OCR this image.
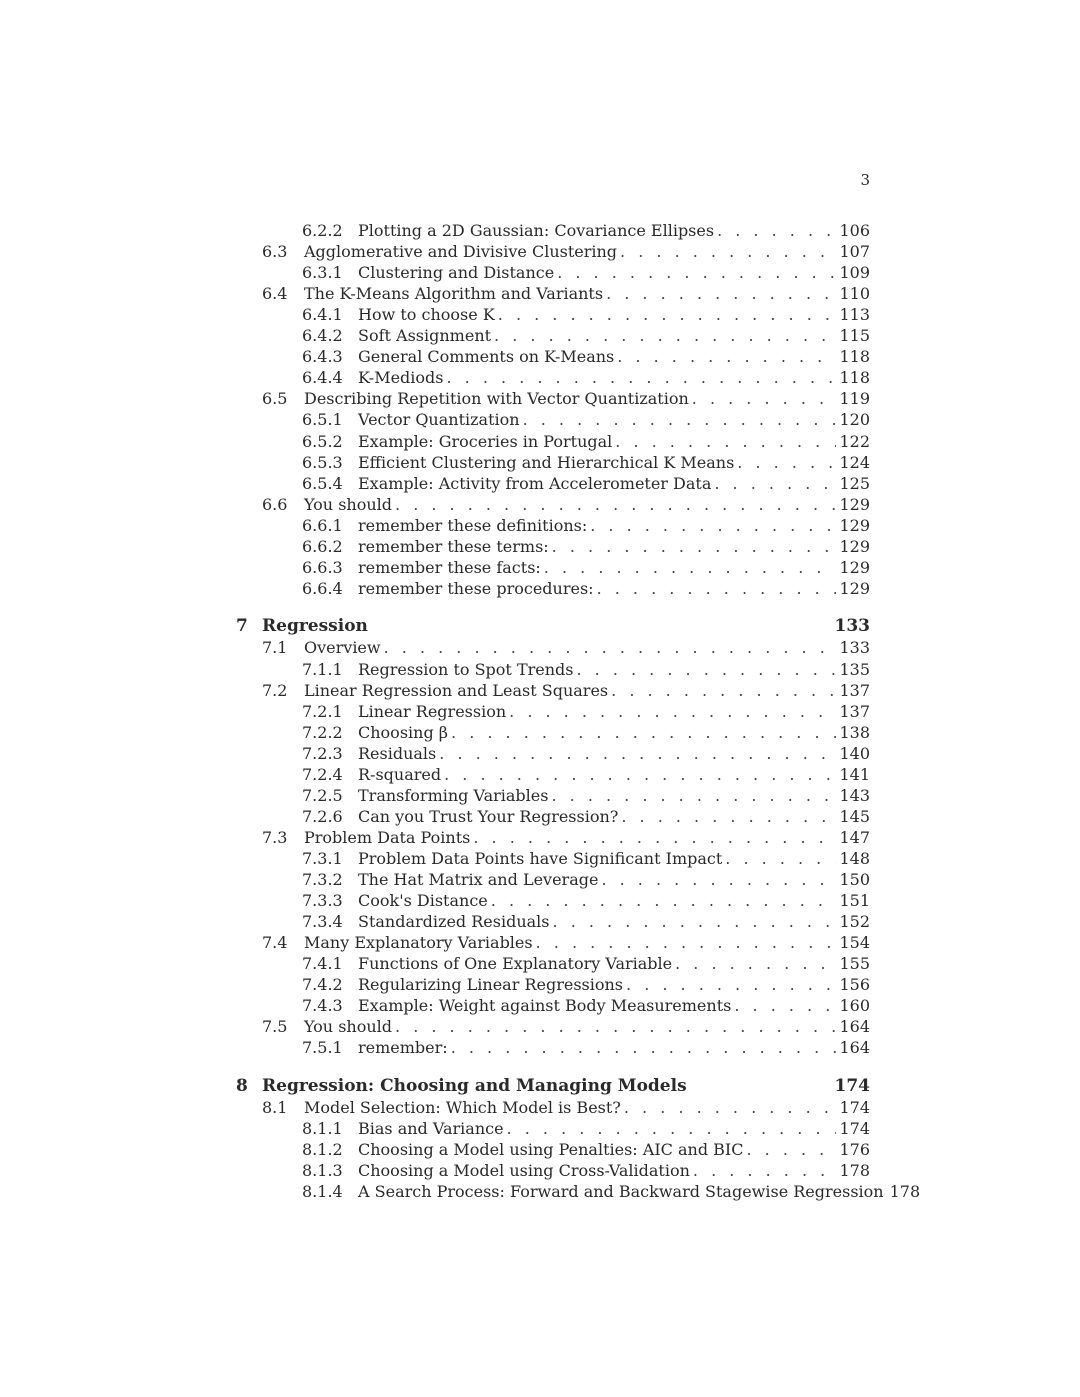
3
6.2.2 Plotting a 2D Gaussian: Covariance Ellipses . . .	106
6.3	Agglomerative and Divisive Clustering . . .	107
6.3.1 Clustering and Distance . . .	109
6.4	The K-Means Algorithm and Variants . . .	110
6.4.1 How to choose K . . .	113
6.4.2 Soft Assignment . . .	115
6.4.3 General Comments on K-Means . . .	118
6.4.4 K-Mediods . . .	118
6.5	Describing Repetition with Vector Quantization . . .	119
6.5.1 Vector Quantization . . .	120
6.5.2 Example: Groceries in Portugal . . .	122
6.5.3 Efficient Clustering and Hierarchical K Means . . .	124
6.5.4 Example: Activity from Accelerometer Data . . .	125
6.6	You should . . .	129
6.6.1 remember these definitions: . . .	129
6.6.2 remember these terms: . . .	129
6.6.3 remember these facts: . . .	129
6.6.4 remember these procedures: . . .	129
7 Regression	133
7.1	Overview . . .	133
7.1.1 Regression to Spot Trends . . .	135
7.2	Linear Regression and Least Squares . . .	137
7.2.1 Linear Regression . . .	137
7.2.2 Choosing β . . .	138
7.2.3 Residuals . . .	140
7.2.4 R-squared . . .	141
7.2.5 Transforming Variables . . .	143
7.2.6 Can you Trust Your Regression? . . .	145
7.3	Problem Data Points . . .	147
7.3.1 Problem Data Points have Significant Impact . . .	148
7.3.2 The Hat Matrix and Leverage . . .	150
7.3.3 Cook's Distance . . .	151
7.3.4 Standardized Residuals . . .	152
7.4	Many Explanatory Variables . . .	154
7.4.1 Functions of One Explanatory Variable . . .	155
7.4.2 Regularizing Linear Regressions . . .	156
7.4.3 Example: Weight against Body Measurements . . .	160
7.5	You should . . .	164
7.5.1 remember: . . .	164
8 Regression: Choosing and Managing Models	174
8.1	Model Selection: Which Model is Best? . . .	174
8.1.1 Bias and Variance . . .	174
8.1.2 Choosing a Model using Penalties: AIC and BIC . . .	176
8.1.3 Choosing a Model using Cross-Validation . . .	178
8.1.4 A Search Process: Forward and Backward Stagewise Regression 178
